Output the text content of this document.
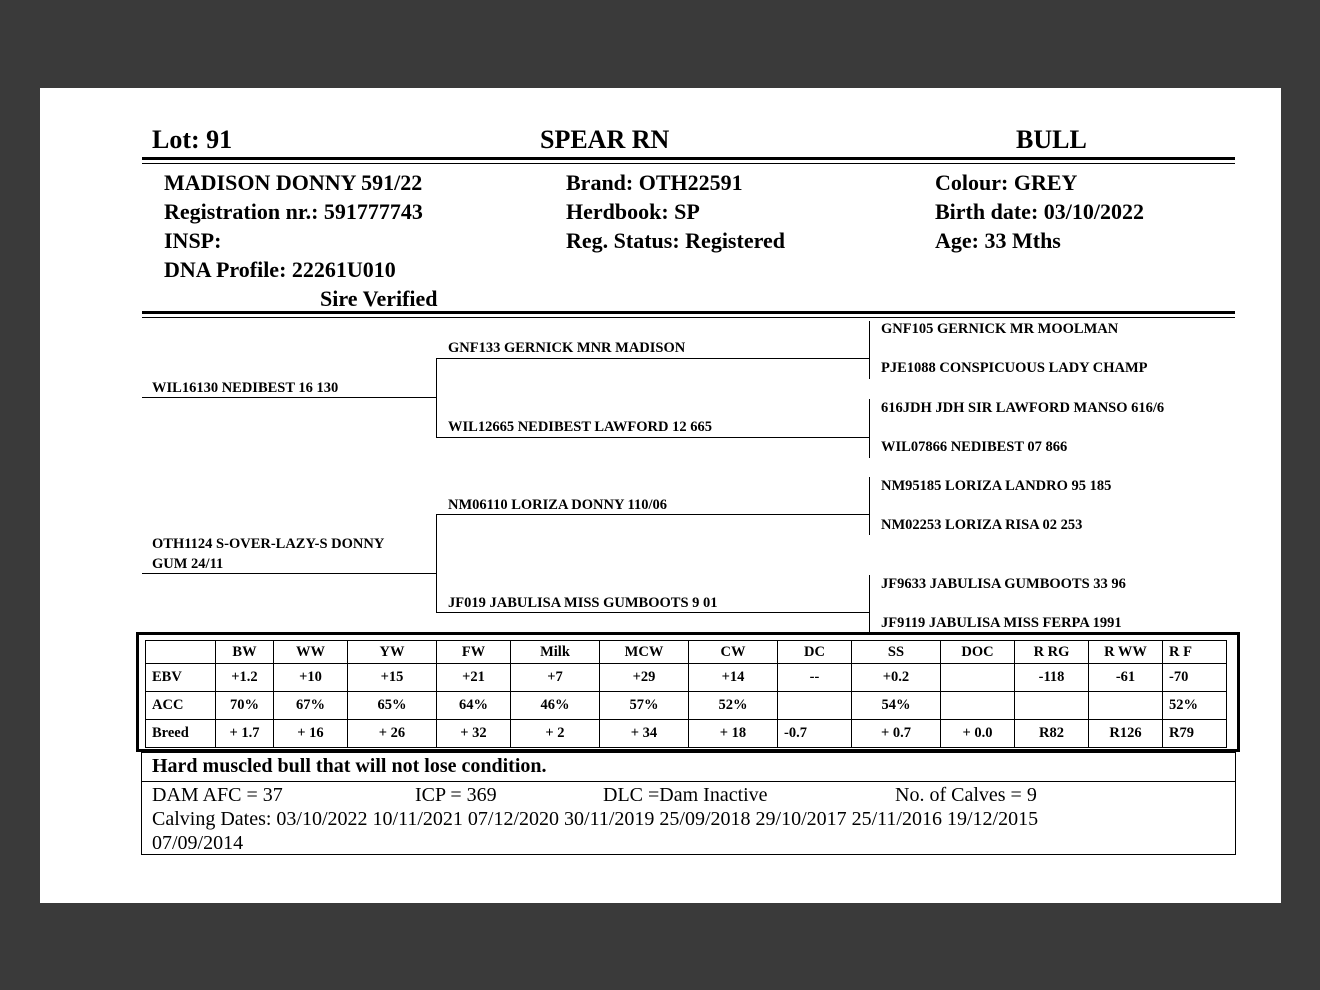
Lot: 91	SPEAR RN	BULL
MADISON DONNY 591/22
Registration nr.: 591777743
INSP:
DNA Profile: 22261U010
Sire Verified
Brand: OTH22591
Herdbook: SP
Reg. Status: Registered
Colour: GREY
Birth date: 03/10/2022
Age: 33 Mths
WIL16130 NEDIBEST 16 130
OTH1124 S-OVER-LAZY-S DONNY
GUM 24/11
GNF133 GERNICK MNR MADISON
WIL12665 NEDIBEST LAWFORD 12 665
NM06110 LORIZA DONNY 110/06
JF019 JABULISA MISS GUMBOOTS 9 01
GNF105 GERNICK MR MOOLMAN
PJE1088 CONSPICUOUS LADY CHAMP
616JDH JDH SIR LAWFORD MANSO 616/6
WIL07866 NEDIBEST 07 866
NM95185 LORIZA LANDRO 95 185
NM02253 LORIZA RISA 02 253
JF9633 JABULISA GUMBOOTS 33 96
JF9119 JABULISA MISS FERPA 1991
	BW	WW	YW	FW	Milk	MCW	CW	DC	SS	DOC	R RG	R WW	R F
EBV	+1.2	+10	+15	+21	+7	+29	+14	--	+0.2		-118	-61	-70
ACC	70%	67%	65%	64%	46%	57%	52%		54%				52%
Breed	+ 1.7	+ 16	+ 26	+ 32	+ 2	+ 34	+ 18	-0.7	+ 0.7	+ 0.0	R82	R126	R79
Hard muscled bull that will not lose condition.
DAM AFC = 37	ICP = 369	DLC =Dam Inactive	No. of Calves = 9
Calving Dates: 03/10/2022 10/11/2021 07/12/2020 30/11/2019 25/09/2018 29/10/2017 25/11/2016 19/12/2015
07/09/2014
